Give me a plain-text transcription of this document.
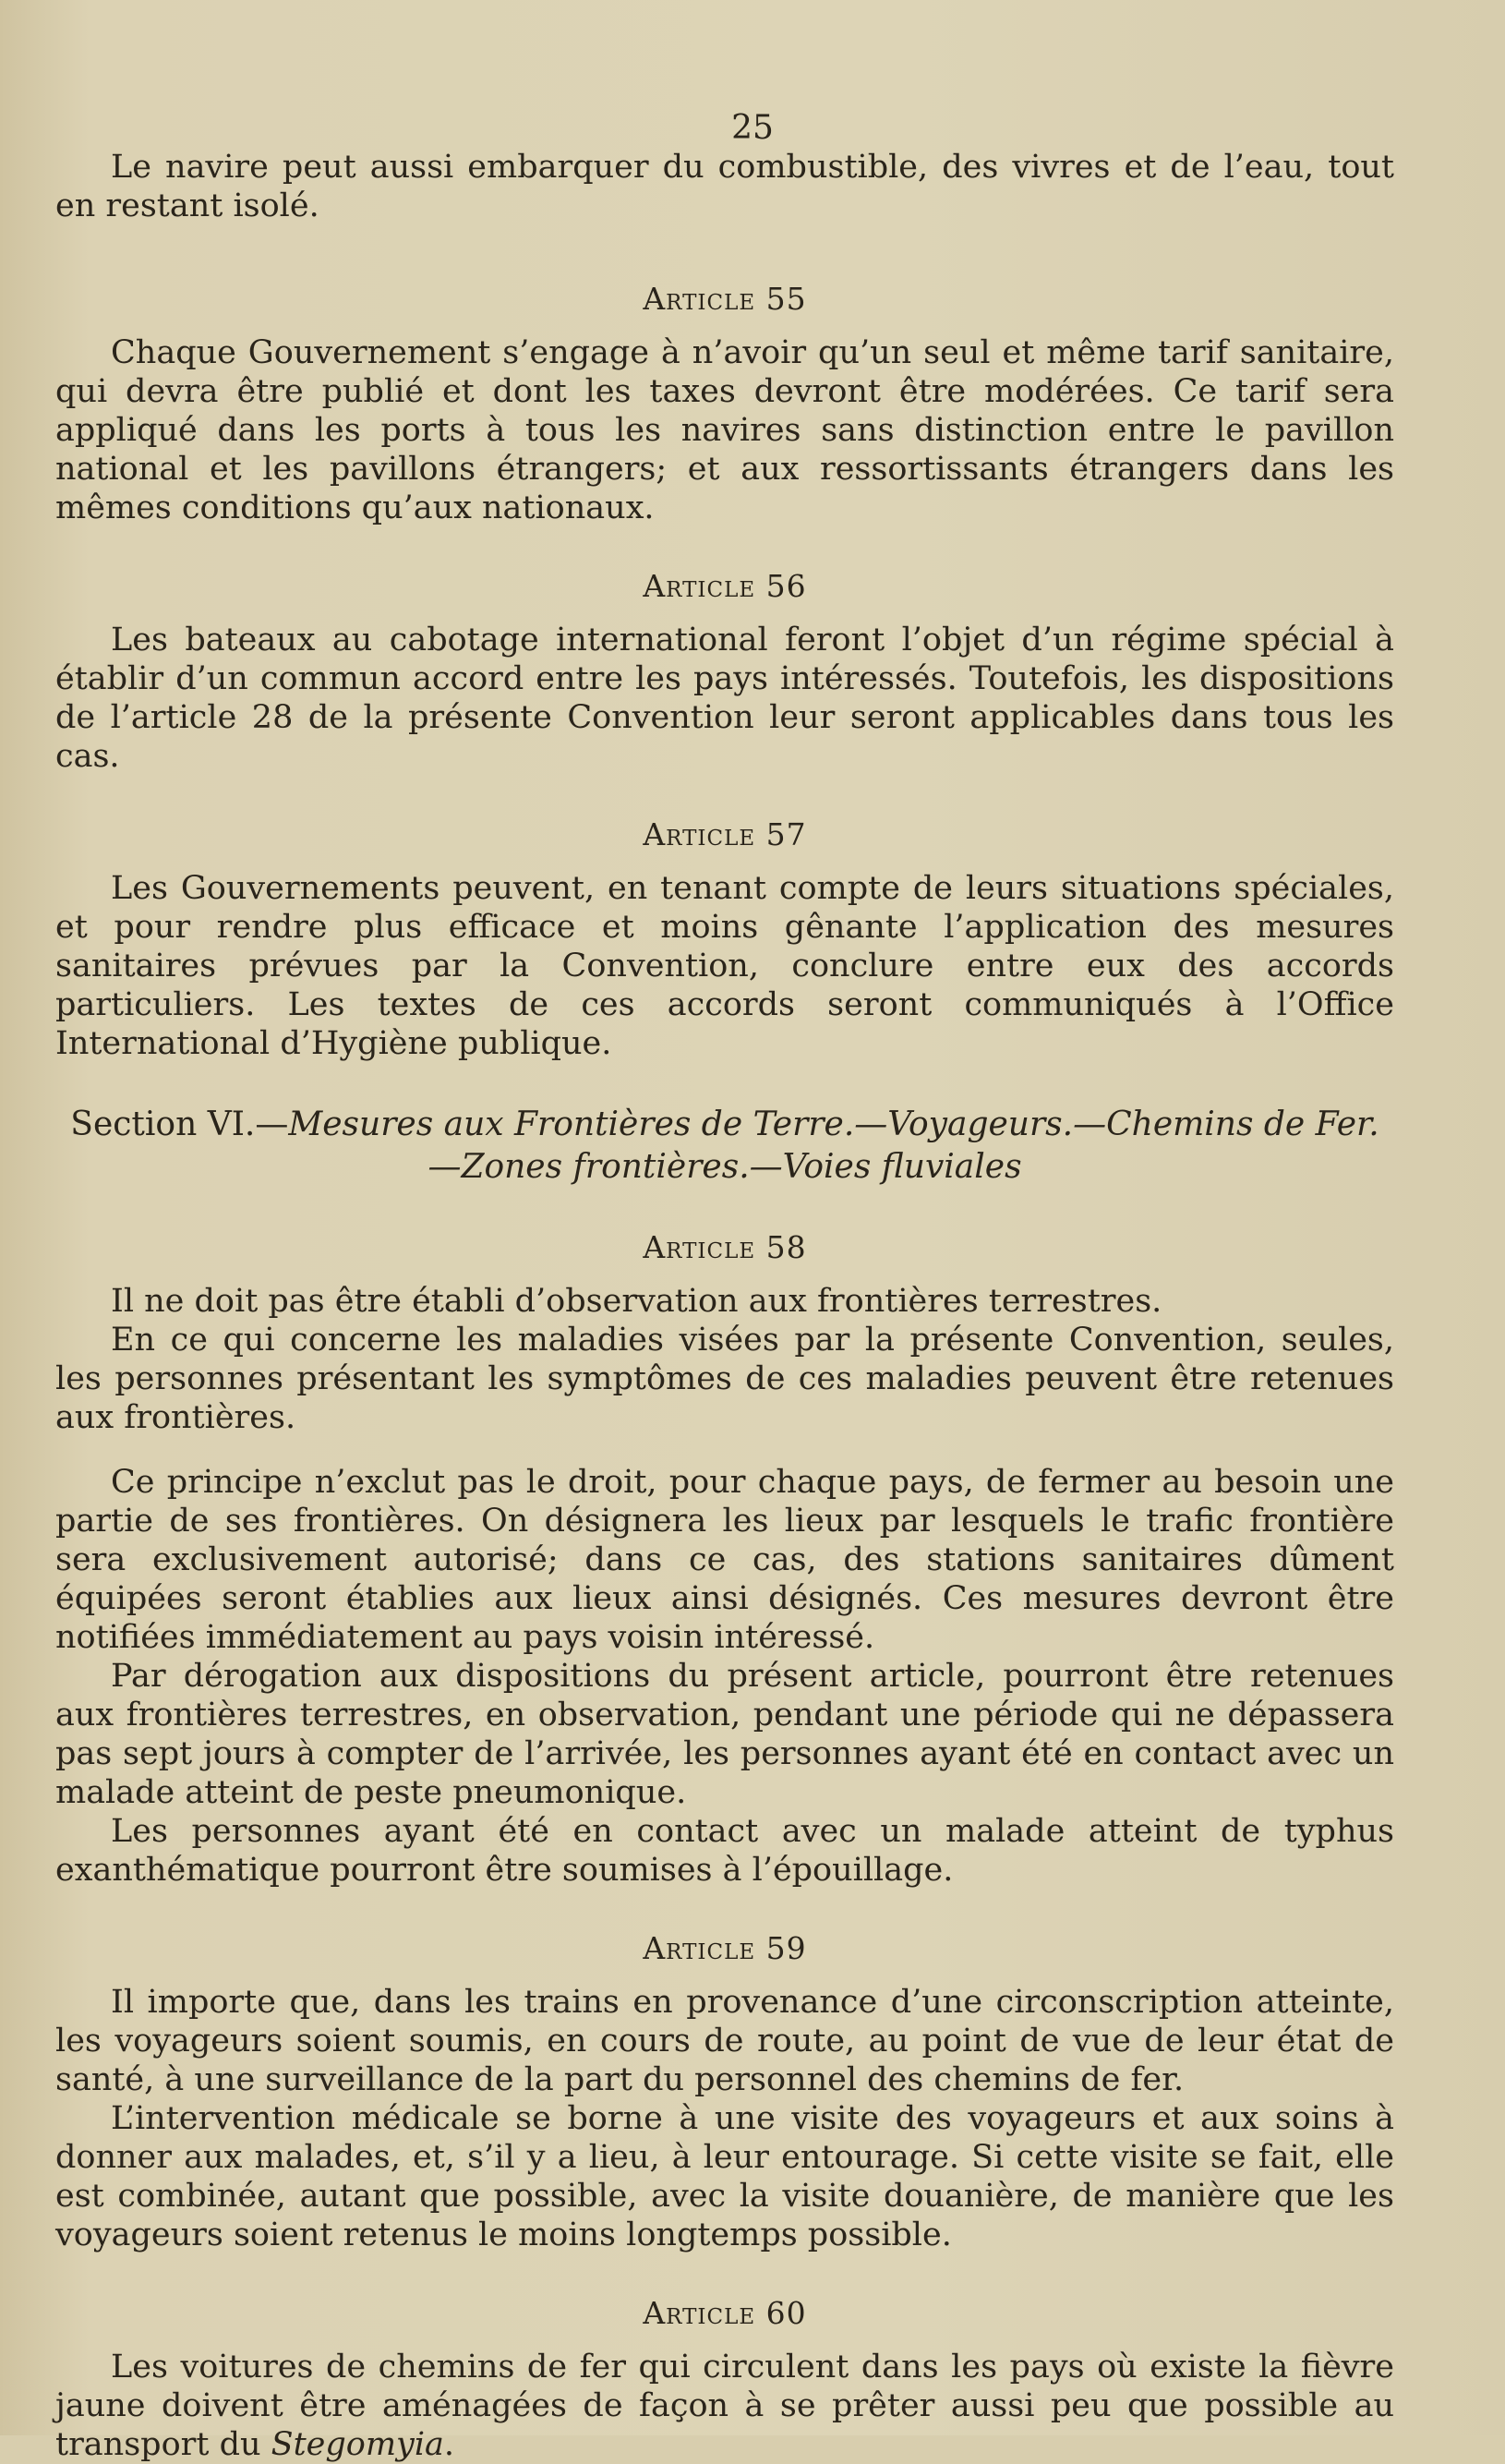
25

Le navire peut aussi embarquer du combustible, des vivres et de l’eau, tout en restant isolé.

Article 55

Chaque Gouvernement s’engage à n’avoir qu’un seul et même tarif sanitaire, qui devra être publié et dont les taxes devront être modérées. Ce tarif sera appliqué dans les ports à tous les navires sans distinction entre le pavillon national et les pavillons étrangers; et aux ressortissants étrangers dans les mêmes conditions qu’aux nationaux.

Article 56

Les bateaux au cabotage international feront l’objet d’un régime spécial à établir d’un commun accord entre les pays intéressés. Toutefois, les dispositions de l’article 28 de la présente Convention leur seront applicables dans tous les cas.

Article 57

Les Gouvernements peuvent, en tenant compte de leurs situations spéciales, et pour rendre plus efficace et moins gênante l’application des mesures sanitaires prévues par la Convention, conclure entre eux des accords particuliers. Les textes de ces accords seront communiqués à l’Office International d’Hygiène publique.

Section VI.—Mesures aux Frontières de Terre.—Voyageurs.—Chemins de Fer.—Zones frontières.—Voies fluviales

Article 58

Il ne doit pas être établi d’observation aux frontières terrestres.

En ce qui concerne les maladies visées par la présente Convention, seules, les personnes présentant les symptômes de ces maladies peuvent être retenues aux frontières.

Ce principe n’exclut pas le droit, pour chaque pays, de fermer au besoin une partie de ses frontières. On désignera les lieux par lesquels le trafic frontière sera exclusivement autorisé; dans ce cas, des stations sanitaires dûment équipées seront établies aux lieux ainsi désignés. Ces mesures devront être notifiées immédiatement au pays voisin intéressé.

Par dérogation aux dispositions du présent article, pourront être retenues aux frontières terrestres, en observation, pendant une période qui ne dépassera pas sept jours à compter de l’arrivée, les personnes ayant été en contact avec un malade atteint de peste pneumonique.

Les personnes ayant été en contact avec un malade atteint de typhus exanthématique pourront être soumises à l’épouillage.

Article 59

Il importe que, dans les trains en provenance d’une circonscription atteinte, les voyageurs soient soumis, en cours de route, au point de vue de leur état de santé, à une surveillance de la part du personnel des chemins de fer.

L’intervention médicale se borne à une visite des voyageurs et aux soins à donner aux malades, et, s’il y a lieu, à leur entourage. Si cette visite se fait, elle est combinée, autant que possible, avec la visite douanière, de manière que les voyageurs soient retenus le moins longtemps possible.

Article 60

Les voitures de chemins de fer qui circulent dans les pays où existe la fièvre jaune doivent être aménagées de façon à se prêter aussi peu que possible au transport du Stegomyia.
